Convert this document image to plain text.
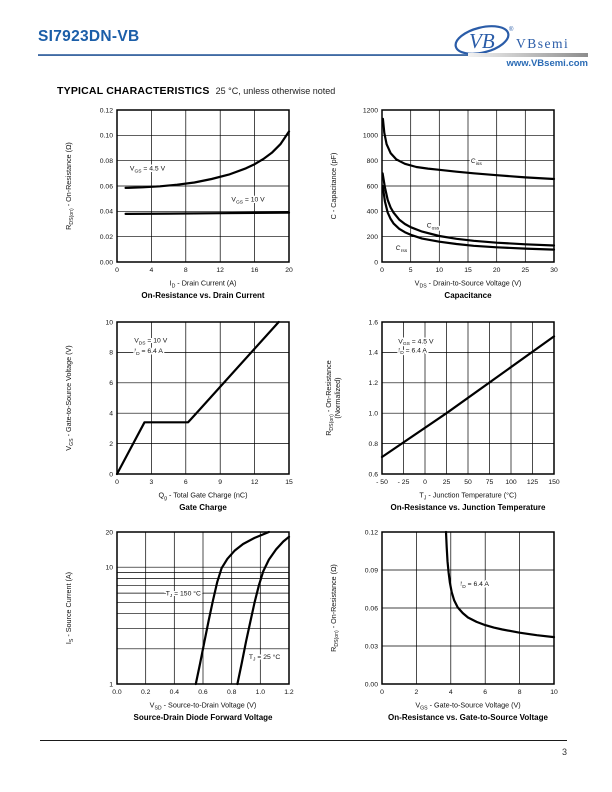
SI7923DN-VB	VB ®
VBsemi
www.VBsemi.com
TYPICAL CHARACTERISTICS 25 °C, unless otherwise noted
0	4	8	12	16	20
0.00
0.02
0.04
0.06
0.08
0.10
0.12
$V_{GS} = 4.5$ V
$V_{GS} = 10$ V
$I_D$ - Drain Current (A)
On-Resistance vs. Drain Current
$R_{DS(on)}$ - On-Resistance (Ω)
0	5	10	15	20	25	30
0
200
400
600
800
1000
1200
$C_{iss}$
$C_{oss}$
$C_{rss}$
$V_{DS}$ - Drain-to-Source Voltage (V)
Capacitance
C - Capacitance (pF)
0	3	6	9	12	15
0
2
4
6
8
10
$V_{DS} = 10$ V
$I_D = 6.4$ A
$Q_g$ - Total Gate Charge (nC)
Gate Charge
$V_{GS}$ - Gate-to-Source Voltage (V)
- 50 - 25 0 25 50 75 100 125 150
0.6
0.8
1.0
1.2
1.4
1.6
$V_{GS} = 4.5$ V
$I_D = 6.4$ A
$T_J$ - Junction Temperature (°C)
On-Resistance vs. Junction Temperature
$R_{DS(on)}$ - On-Resistance (Normalized)
0.0	0.2	0.4	0.6	0.8	1.0	1.2
1
10
20
$T_J = 150$ °C
$T_J = 25$ °C
$V_{SD}$ - Source-to-Drain Voltage (V)
Source-Drain Diode Forward Voltage
$I_S$ - Source Current (A)
0	2	4	6	8	10
0.00
0.03
0.06
0.09
0.12
$I_D = 6.4$ A
$V_{GS}$ - Gate-to-Source Voltage (V)
On-Resistance vs. Gate-to-Source Voltage
$R_{DS(on)}$ - On-Resistance (Ω)
3
